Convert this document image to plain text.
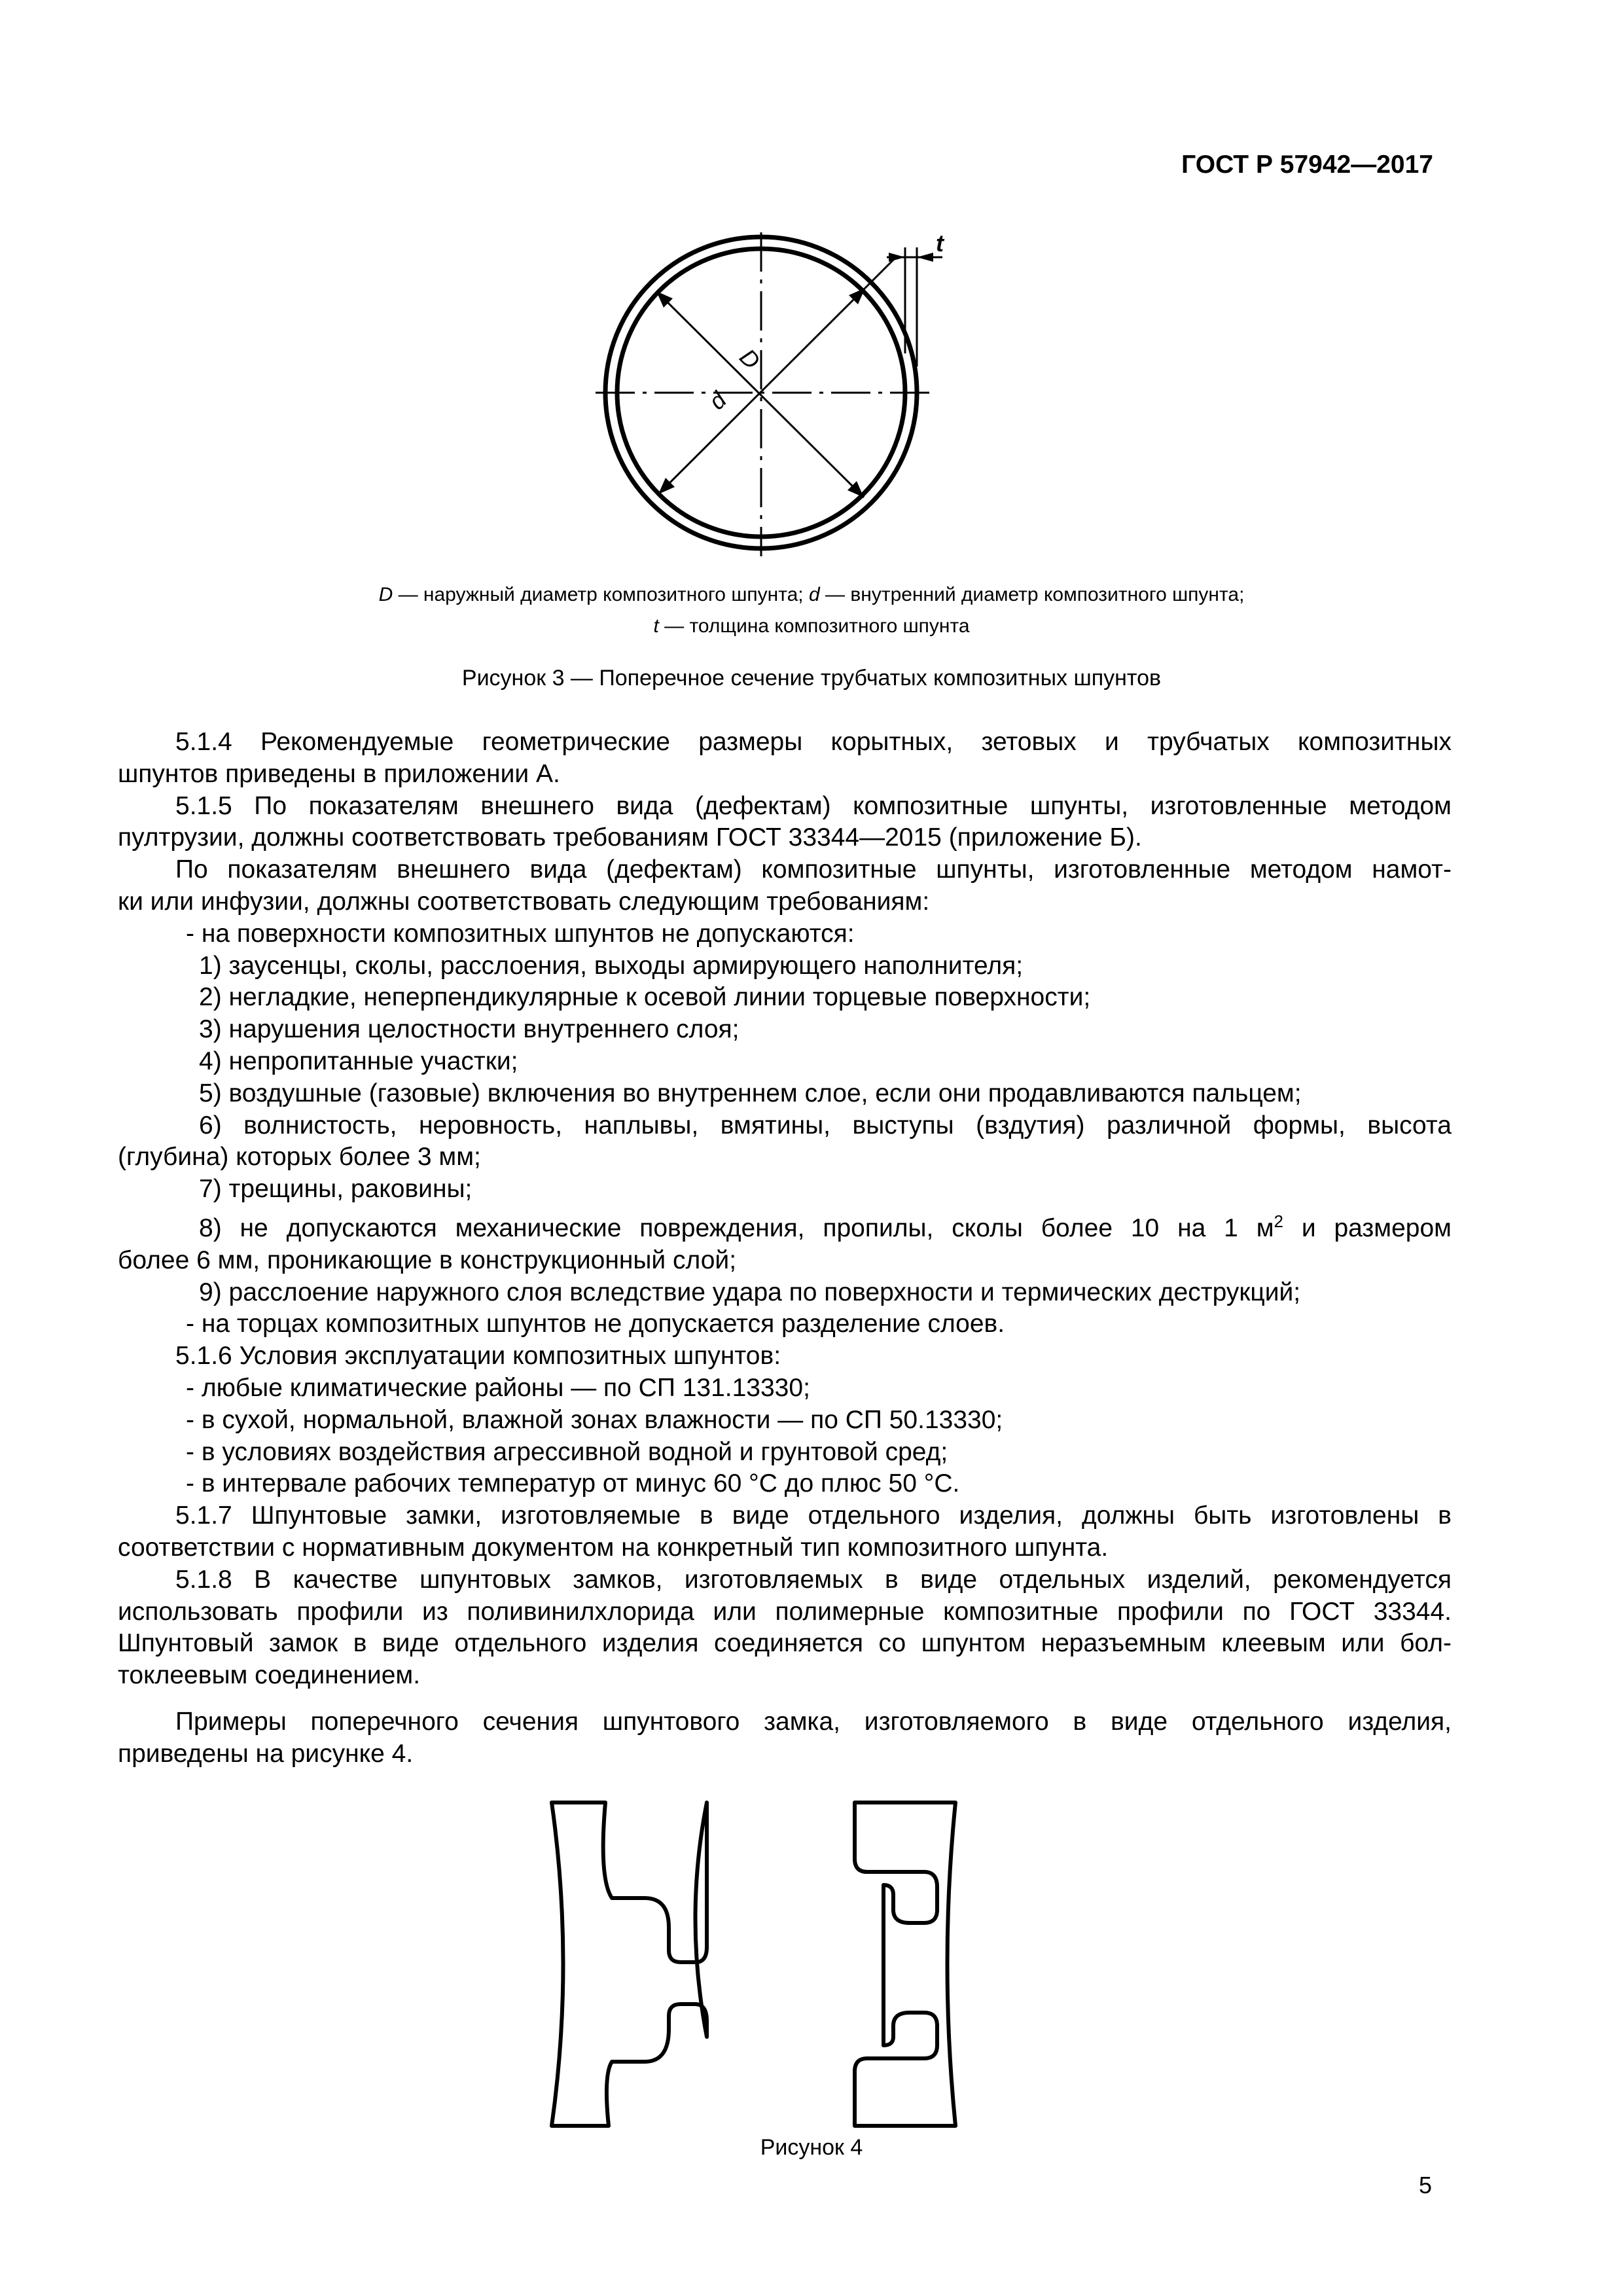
ГОСТ Р 57942—2017
D
d
t
D — наружный диаметр композитного шпунта; d — внутренний диаметр композитного шпунта;
t — толщина композитного шпунта
Рисунок 3 — Поперечное сечение трубчатых композитных шпунтов

5.1.4 Рекомендуемые геометрические размеры корытных, зетовых и трубчатых композитных

шпунтов приведены в приложении А.

5.1.5 По показателям внешнего вида (дефектам) композитные шпунты, изготовленные методом

пултрузии, должны соответствовать требованиям ГОСТ 33344—2015 (приложение Б).

По показателям внешнего вида (дефектам) композитные шпунты, изготовленные методом намот-

ки или инфузии, должны соответствовать следующим требованиям:

- на поверхности композитных шпунтов не допускаются:

1) заусенцы, сколы, расслоения, выходы армирующего наполнителя;

2) негладкие, неперпендикулярные к осевой линии торцевые поверхности;

3) нарушения целостности внутреннего слоя;

4) непропитанные участки;

5) воздушные (газовые) включения во внутреннем слое, если они продавливаются пальцем;

6) волнистость, неровность, наплывы, вмятины, выступы (вздутия) различной формы, высота

(глубина) которых более 3 мм;

7) трещины, раковины;

8) не допускаются механические повреждения, пропилы, сколы более 10 на 1 $м^2$ и размером

более 6 мм, проникающие в конструкционный слой;

9) расслоение наружного слоя вследствие удара по поверхности и термических деструкций;

- на торцах композитных шпунтов не допускается разделение слоев.

5.1.6 Условия эксплуатации композитных шпунтов:

- любые климатические районы — по СП 131.13330;

- в сухой, нормальной, влажной зонах влажности — по СП 50.13330;

- в условиях воздействия агрессивной водной и грунтовой сред;

- в интервале рабочих температур от минус 60 °С до плюс 50 °С.

5.1.7 Шпунтовые замки, изготовляемые в виде отдельного изделия, должны быть изготовлены в

соответствии с нормативным документом на конкретный тип композитного шпунта.

5.1.8 В качестве шпунтовых замков, изготовляемых в виде отдельных изделий, рекомендуется

использовать профили из поливинилхлорида или полимерные композитные профили по ГОСТ 33344.

Шпунтовый замок в виде отдельного изделия соединяется со шпунтом неразъемным клеевым или бол-

токлеевым соединением.

Примеры поперечного сечения шпунтового замка, изготовляемого в виде отдельного изделия,

приведены на рисунке 4.

Рисунок 4
5
